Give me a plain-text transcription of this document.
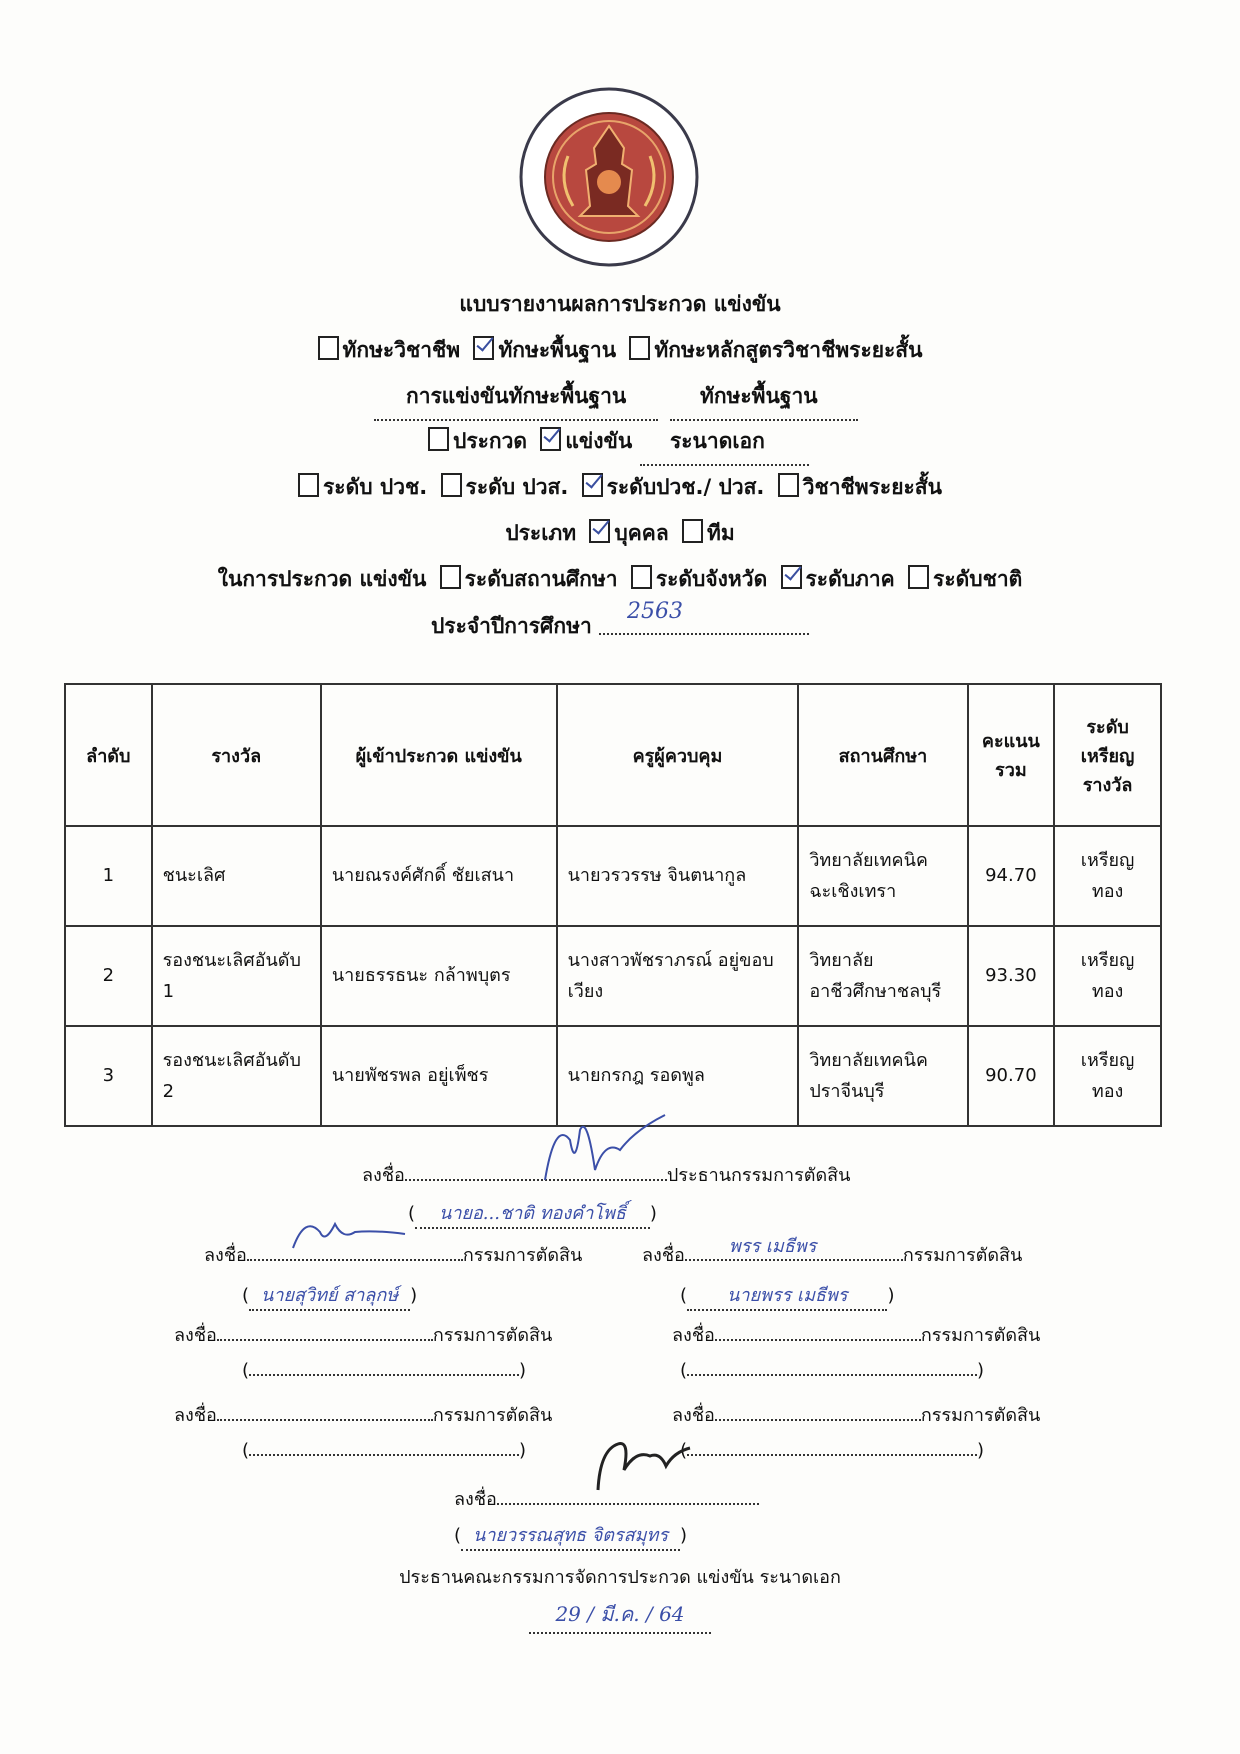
แบบรายงานผลการประกวด แข่งขัน
ทักษะวิชาชีพ ทักษะพื้นฐาน ทักษะหลักสูตรวิชาชีพระยะสั้น
การแข่งขันทักษะพื้นฐาน	ทักษะพื้นฐาน
ประกวด แข่งขัน	ระนาดเอก
ระดับ ปวช. ระดับ ปวส. ระดับปวช./ ปวส. วิชาชีพระยะสั้น
ประเภท บุคคล ทีม
ในการประกวด แข่งขัน ระดับสถานศึกษา ระดับจังหวัด ระดับภาค ระดับชาติ
ประจำปีการศึกษา
2563
ลำดับ	รางวัล	ผู้เข้าประกวด แข่งขัน	ครูผู้ควบคุม	สถานศึกษา	คะแนน รวม	ระดับ เหรียญ รางวัล
1	ชนะเลิศ	นายณรงค์ศักดิ์ ชัยเสนา	นายวรวรรษ จินตนากูล	วิทยาลัยเทคนิค ฉะเชิงเทรา	94.70	เหรียญทอง
2	รองชนะเลิศอันดับ 1	นายธรรธนะ กล้าพบุตร	นางสาวพัชราภรณ์ อยู่ขอบเวียง	วิทยาลัย อาชีวศึกษาชลบุรี	93.30	เหรียญทอง
3	รองชนะเลิศอันดับ 2	นายพัชรพล อยู่เพ็ชร	นายกรกฎ รอดพูล	วิทยาลัยเทคนิค ปราจีนบุรี	90.70	เหรียญทอง
ลงชื่อ	ประธานกรรมการตัดสิน
( นายอ...ชาติ ทองคำโพธิ์ )
ลงชื่อ	กรรมการตัดสิน
( นายสุวิทย์ สาลุกษ์ )
ลงชื่อ พรร เมธีพร	กรรมการตัดสิน
( นายพรร เมธีพร )
ลงชื่อ	กรรมการตัดสิน
(	)
ลงชื่อ	กรรมการตัดสิน
(	)
ลงชื่อ	กรรมการตัดสิน
(	)
ลงชื่อ	กรรมการตัดสิน
(	)
ลงชื่อ
( นายวรรณสุทธ จิตรสมุทร )
ประธานคณะกรรมการจัดการประกวด แข่งขัน ระนาดเอก
29 / มี.ค. / 64
